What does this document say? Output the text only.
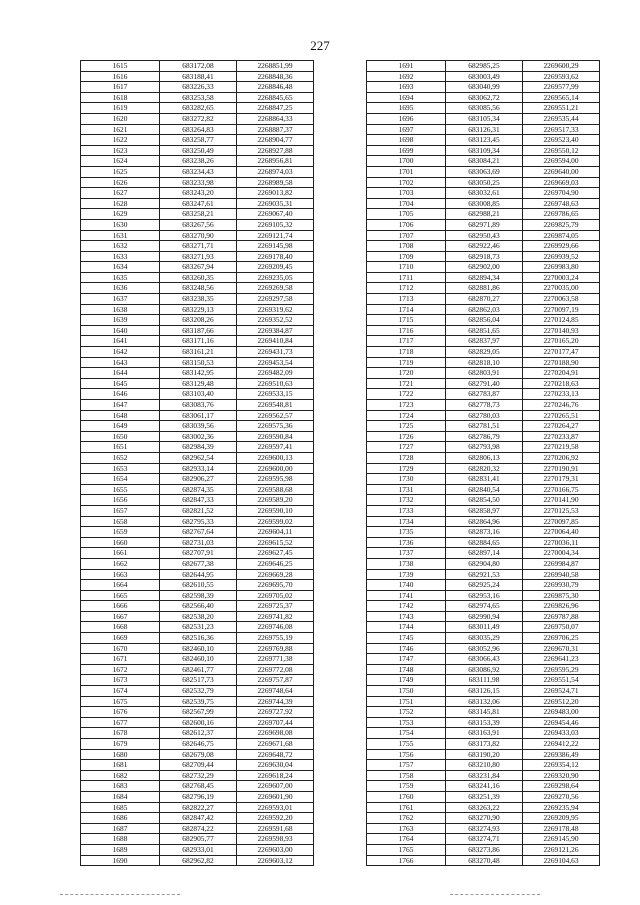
227
1615	683172,08	2268851,99
1616	683188,41	2268848,36
1617	683226,33	2268846,48
1618	683253,58	2268845,65
1619	683282,65	2268847,25
1620	683272,82	2268864,33
1621	683264,83	2268887,37
1622	683258,77	2268904,77
1623	683250,49	2268927,88
1624	683238,26	2268956,81
1625	683234,43	2268974,03
1626	683233,98	2268989,58
1627	683243,20	2269013,82
1628	683247,61	2269035,31
1629	683258,21	2269067,40
1630	683267,56	2269105,32
1631	683270,90	2269121,74
1632	683271,71	2269145,98
1633	683271,93	2269178,40
1634	683267,94	2269209,45
1635	683260,35	2269235,05
1636	683248,56	2269269,58
1637	683238,35	2269297,58
1638	683229,13	2269319,62
1639	683208,26	2269352,52
1640	683187,66	2269384,87
1641	683171,16	2269410,84
1642	683161,21	2269431,73
1643	683150,53	2269453,54
1644	683142,95	2269482,09
1645	683129,48	2269510,63
1646	683103,40	2269533,15
1647	683083,76	2269548,81
1648	683061,17	2269562,57
1649	683039,56	2269575,36
1650	683002,36	2269590,84
1651	682984,39	2269597,41
1652	682962,54	2269600,13
1653	682933,14	2269600,00
1654	682906,27	2269595,98
1655	682874,35	2269588,68
1656	682847,33	2269589,20
1657	682821,52	2269590,10
1658	682795,33	2269599,02
1659	682767,64	2269604,11
1660	682731,03	2269615,52
1661	682707,91	2269627,45
1662	682677,38	2269646,25
1663	682644,95	2269669,28
1664	682610,55	2269695,70
1665	682598,39	2269705,02
1666	682566,40	2269725,37
1667	682538,20	2269741,82
1668	682531,23	2269746,08
1669	682516,36	2269755,19
1670	682460,10	2269769,88
1671	682460,10	2269771,38
1672	682461,77	2269772,08
1673	682517,73	2269757,87
1674	682532,79	2269748,64
1675	682539,75	2269744,39
1676	682567,99	2269727,92
1677	682600,16	2269707,44
1678	682612,37	2269698,08
1679	682646,75	2269671,68
1680	682679,08	2269648,72
1681	682709,44	2269630,04
1682	682732,29	2269618,24
1683	682768,45	2269607,00
1684	682796,19	2269601,90
1685	682822,27	2269593,01
1686	682847,42	2269592,20
1687	682874,22	2269591,68
1688	682905,77	2269598,93
1689	682933,01	2269603,00
1690	682962,82	2269603,12
1691	682985,25	2269600,29
1692	683003,49	2269593,62
1693	683040,99	2269577,99
1694	683062,72	2269565,14
1695	683085,56	2269551,21
1696	683105,34	2269535,44
1697	683126,31	2269517,33
1698	683123,45	2269523,40
1699	683109,34	2269550,12
1700	683084,21	2269594,00
1701	683063,69	2269640,00
1702	683050,25	2269669,03
1703	683032,61	2269704,90
1704	683008,85	2269748,63
1705	682988,21	2269786,65
1706	682971,89	2269825,79
1707	682950,43	2269874,05
1708	682922,46	2269929,66
1709	682918,73	2269939,52
1710	682902,00	2269983,80
1711	682894,34	2270003,24
1712	682881,86	2270035,00
1713	682870,27	2270063,58
1714	682862,03	2270097,19
1715	682856,04	2270124,85
1716	682851,65	2270140,93
1717	682837,97	2270165,20
1718	682829,05	2270177,47
1719	682818,10	2270188,90
1720	682803,91	2270204,91
1721	682791,40	2270218,63
1722	682783,87	2270233,13
1723	682778,73	2270246,76
1724	682780,03	2270265,51
1725	682781,51	2270264,27
1726	682786,79	2270233,87
1727	682793,98	2270219,58
1728	682806,13	2270206,92
1729	682820,32	2270190,91
1730	682831,41	2270179,31
1731	682840,54	2270166,75
1732	682854,50	2270141,90
1733	682858,97	2270125,53
1734	682864,96	2270097,85
1735	682873,16	2270064,40
1736	682884,65	2270036,11
1737	682897,14	2270004,34
1738	682904,80	2269984,87
1739	682921,53	2269940,58
1740	682925,24	2269930,79
1741	682953,16	2269875,30
1742	682974,65	2269826,96
1743	682990,94	2269787,88
1744	683011,49	2269750,07
1745	683035,29	2269706,25
1746	683052,96	2269670,31
1747	683066,43	2269641,23
1748	683086,92	2269595,29
1749	683111,98	2269551,54
1750	683126,15	2269524,71
1751	683132,06	2269512,20
1752	683145,81	2269483,00
1753	683153,39	2269454,46
1754	683163,91	2269433,03
1755	683173,82	2269412,22
1756	683190,20	2269386,49
1757	683210,80	2269354,12
1758	683231,84	2269320,90
1759	683241,16	2269298,64
1760	683251,39	2269270,56
1761	683263,22	2269235,94
1762	683270,90	2269209,95
1763	683274,93	2269178,48
1764	683274,71	2269145,90
1765	683273,86	2269121,26
1766	683270,48	2269104,63
